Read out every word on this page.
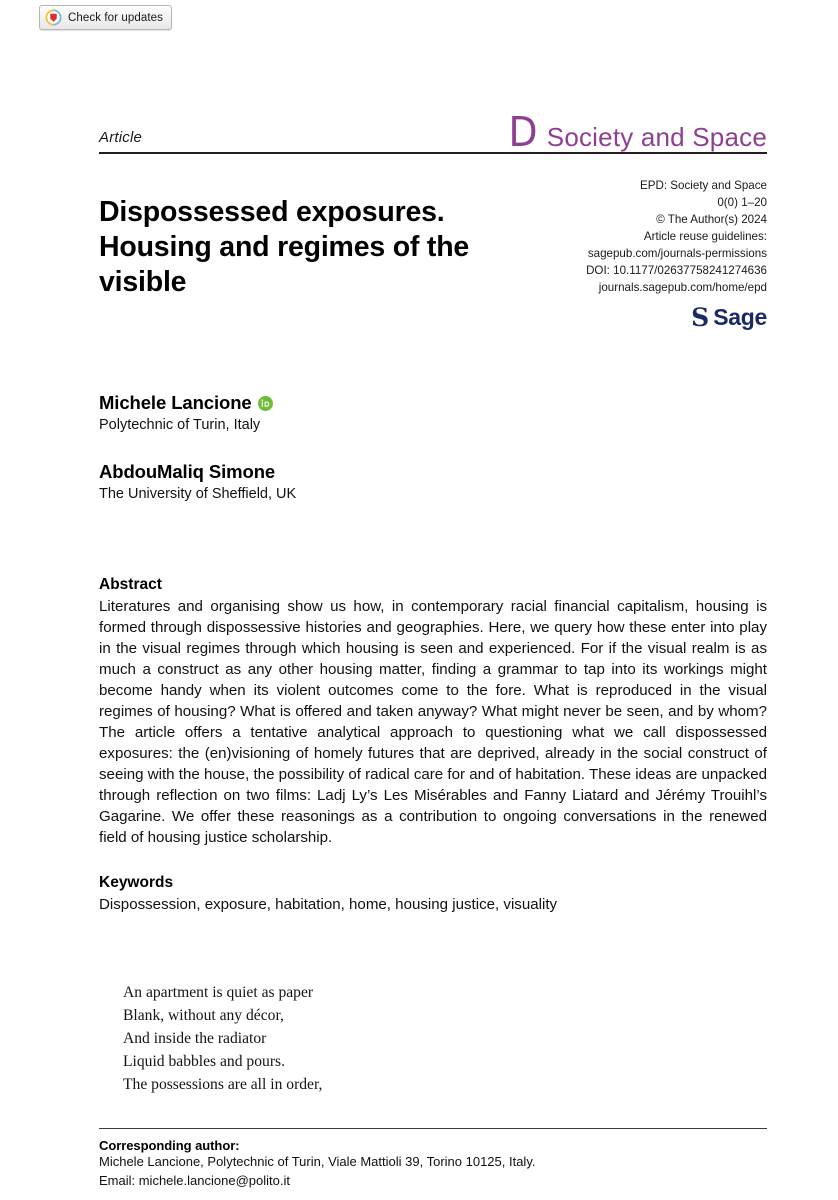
Check for updates
Article	D Society and Space
Dispossessed exposures. Housing and regimes of the visible
EPD: Society and Space
0(0) 1–20
© The Author(s) 2024
Article reuse guidelines:
sagepub.com/journals-permissions
DOI: 10.1177/02637758241274636
journals.sagepub.com/home/epd
S Sage
Michele Lancione
Polytechnic of Turin, Italy
AbdouMaliq Simone
The University of Sheffield, UK
Abstract
Literatures and organising show us how, in contemporary racial financial capitalism, housing is formed through dispossessive histories and geographies. Here, we query how these enter into play in the visual regimes through which housing is seen and experienced. For if the visual realm is as much a construct as any other housing matter, finding a grammar to tap into its workings might become handy when its violent outcomes come to the fore. What is reproduced in the visual regimes of housing? What is offered and taken anyway? What might never be seen, and by whom? The article offers a tentative analytical approach to questioning what we call dispossessed exposures: the (en)visioning of homely futures that are deprived, already in the social construct of seeing with the house, the possibility of radical care for and of habitation. These ideas are unpacked through reflection on two films: Ladj Ly’s Les Misérables and Fanny Liatard and Jérémy Trouihl’s Gagarine. We offer these reasonings as a contribution to ongoing conversations in the renewed field of housing justice scholarship.
Keywords
Dispossession, exposure, habitation, home, housing justice, visuality
An apartment is quiet as paper
Blank, without any décor,
And inside the radiator
Liquid babbles and pours.
The possessions are all in order,
Corresponding author:
Michele Lancione, Polytechnic of Turin, Viale Mattioli 39, Torino 10125, Italy.
Email: michele.lancione@polito.it
